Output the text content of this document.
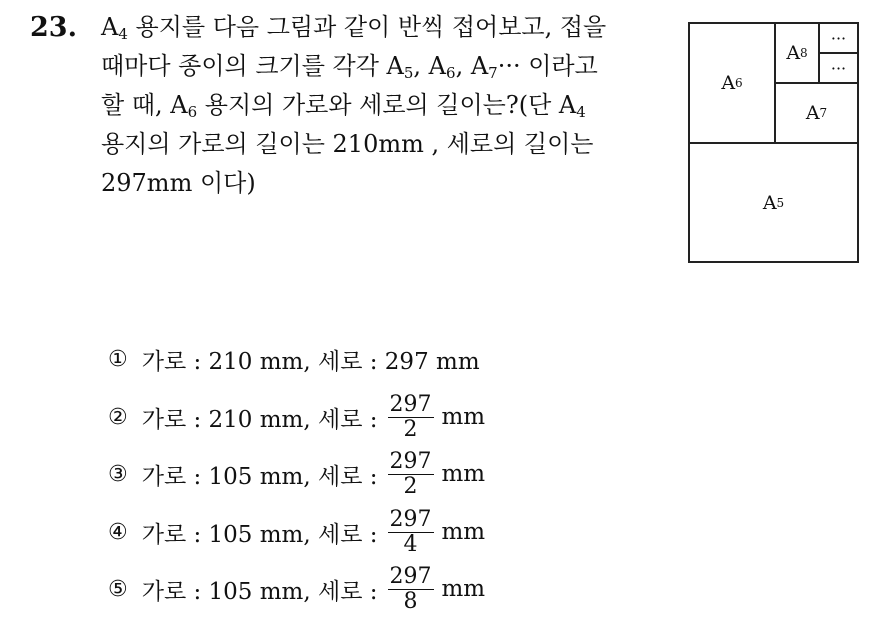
23. $A_4$ 용지를 다음 그림과 같이 반씩 접어보고, 접을
때마다 종이의 크기를 각각 $A_5$, $A_6$, $A_7\cdot\cdot\cdot$ 이라고
할 때, $A_6$ 용지의 가로와 세로의 길이는?(단 $A_4$
용지의 가로의 길이는 210mm , 세로의 길이는
297mm 이다)
A 6
A 8
···
···
A 7
A 5
① 가로 : 210 mm, 세로 : 297 mm
② 가로 : 210 mm, 세로 : $\frac{297}{2}$ mm
③ 가로 : 105 mm, 세로 : $\frac{297}{2}$ mm
④ 가로 : 105 mm, 세로 : $\frac{297}{4}$ mm
⑤ 가로 : 105 mm, 세로 : $\frac{297}{8}$ mm
